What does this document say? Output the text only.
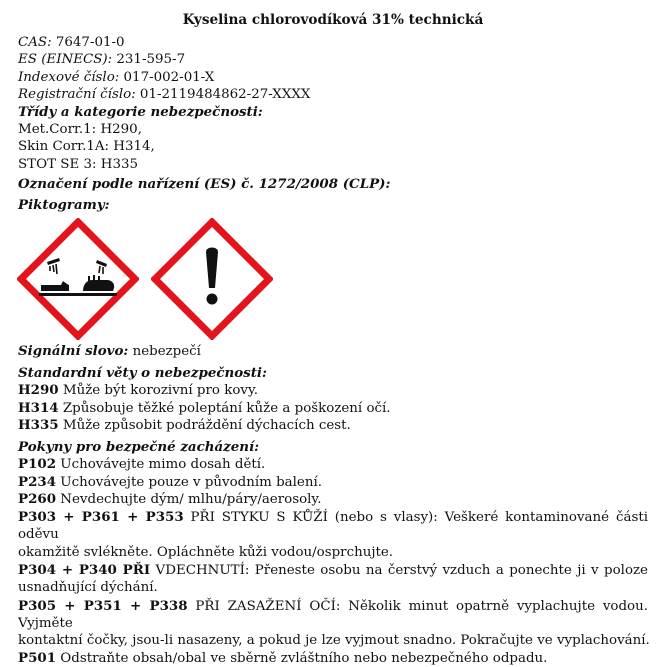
Kyselina chlorovodíková 31% technická
CAS: 7647-01-0
ES (EINECS): 231-595-7
Indexové číslo: 017-002-01-X
Registrační číslo: 01-2119484862-27-XXXX
Třídy a kategorie nebezpečnosti:
Met.Corr.1: H290,
Skin Corr.1A: H314,
STOT SE 3: H335
Označení podle nařízení (ES) č. 1272/2008 (CLP):
Piktogramy:
Signální slovo: nebezpečí
Standardní věty o nebezpečnosti:
H290 Může být korozivní pro kovy.
H314 Způsobuje těžké poleptání kůže a poškození očí.
H335 Může způsobit podráždění dýchacích cest.
Pokyny pro bezpečné zacházení:
P102 Uchovávejte mimo dosah dětí.
P234 Uchovávejte pouze v původním balení.
P260 Nevdechujte dým/ mlhu/páry/aerosoly.
P303 + P361 + P353 PŘI STYKU S KŮŽÍ (nebo s vlasy): Veškeré kontaminované části oděvu
okamžitě svlékněte. Opláchněte kůži vodou/osprchujte.
P304 + P340 PŘI VDECHNUTÍ: Přeneste osobu na čerstvý vzduch a ponechte ji v poloze
usnadňující dýchání.
P305 + P351 + P338 PŘI ZASAŽENÍ OČÍ: Několik minut opatrně vyplachujte vodou. Vyjměte
kontaktní čočky, jsou-li nasazeny, a pokud je lze vyjmout snadno. Pokračujte ve vyplachování.
P501 Odstraňte obsah/obal ve sběrně zvláštního nebo nebezpečného odpadu.
